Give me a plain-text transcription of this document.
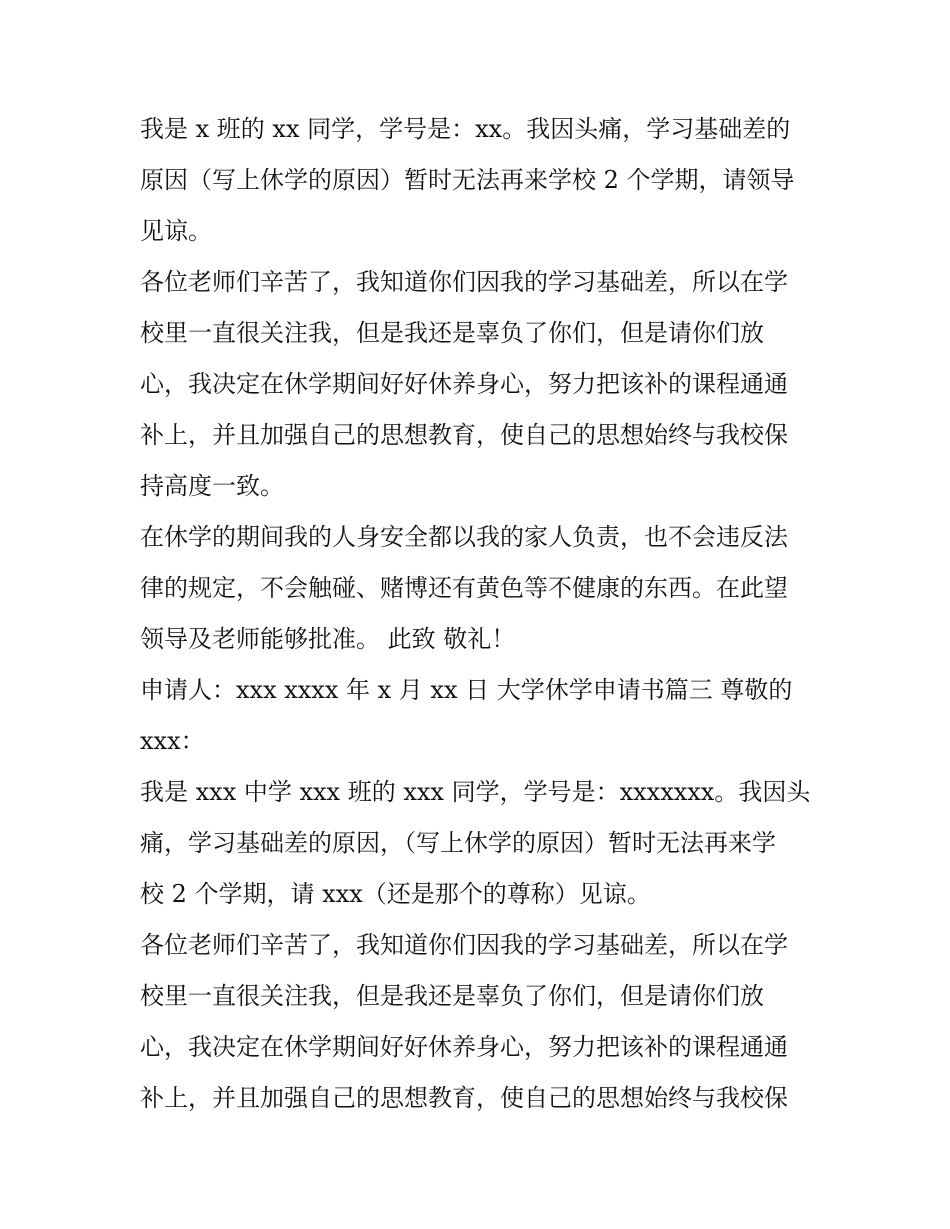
我是 x 班的 xx 同学，学号是：xx。我因头痛，学习基础差的
原因（写上休学的原因）暂时无法再来学校 2 个学期，请领导
见谅。
各位老师们辛苦了，我知道你们因我的学习基础差，所以在学
校里一直很关注我，但是我还是辜负了你们，但是请你们放
心，我决定在休学期间好好休养身心，努力把该补的课程通通
补上，并且加强自己的思想教育，使自己的思想始终与我校保
持高度一致。
在休学的期间我的人身安全都以我的家人负责，也不会违反法
律的规定，不会触碰、赌博还有黄色等不健康的东西。在此望
领导及老师能够批准。 此致 敬礼！
申请人：xxx xxxx 年 x 月 xx 日 大学休学申请书篇三 尊敬的
xxx：
我是 xxx 中学 xxx 班的 xxx 同学，学号是：xxxxxxx。我因头
痛，学习基础差的原因，（写上休学的原因）暂时无法再来学
校 2 个学期，请 xxx（还是那个的尊称）见谅。
各位老师们辛苦了，我知道你们因我的学习基础差，所以在学
校里一直很关注我，但是我还是辜负了你们，但是请你们放
心，我决定在休学期间好好休养身心，努力把该补的课程通通
补上，并且加强自己的思想教育，使自己的思想始终与我校保
